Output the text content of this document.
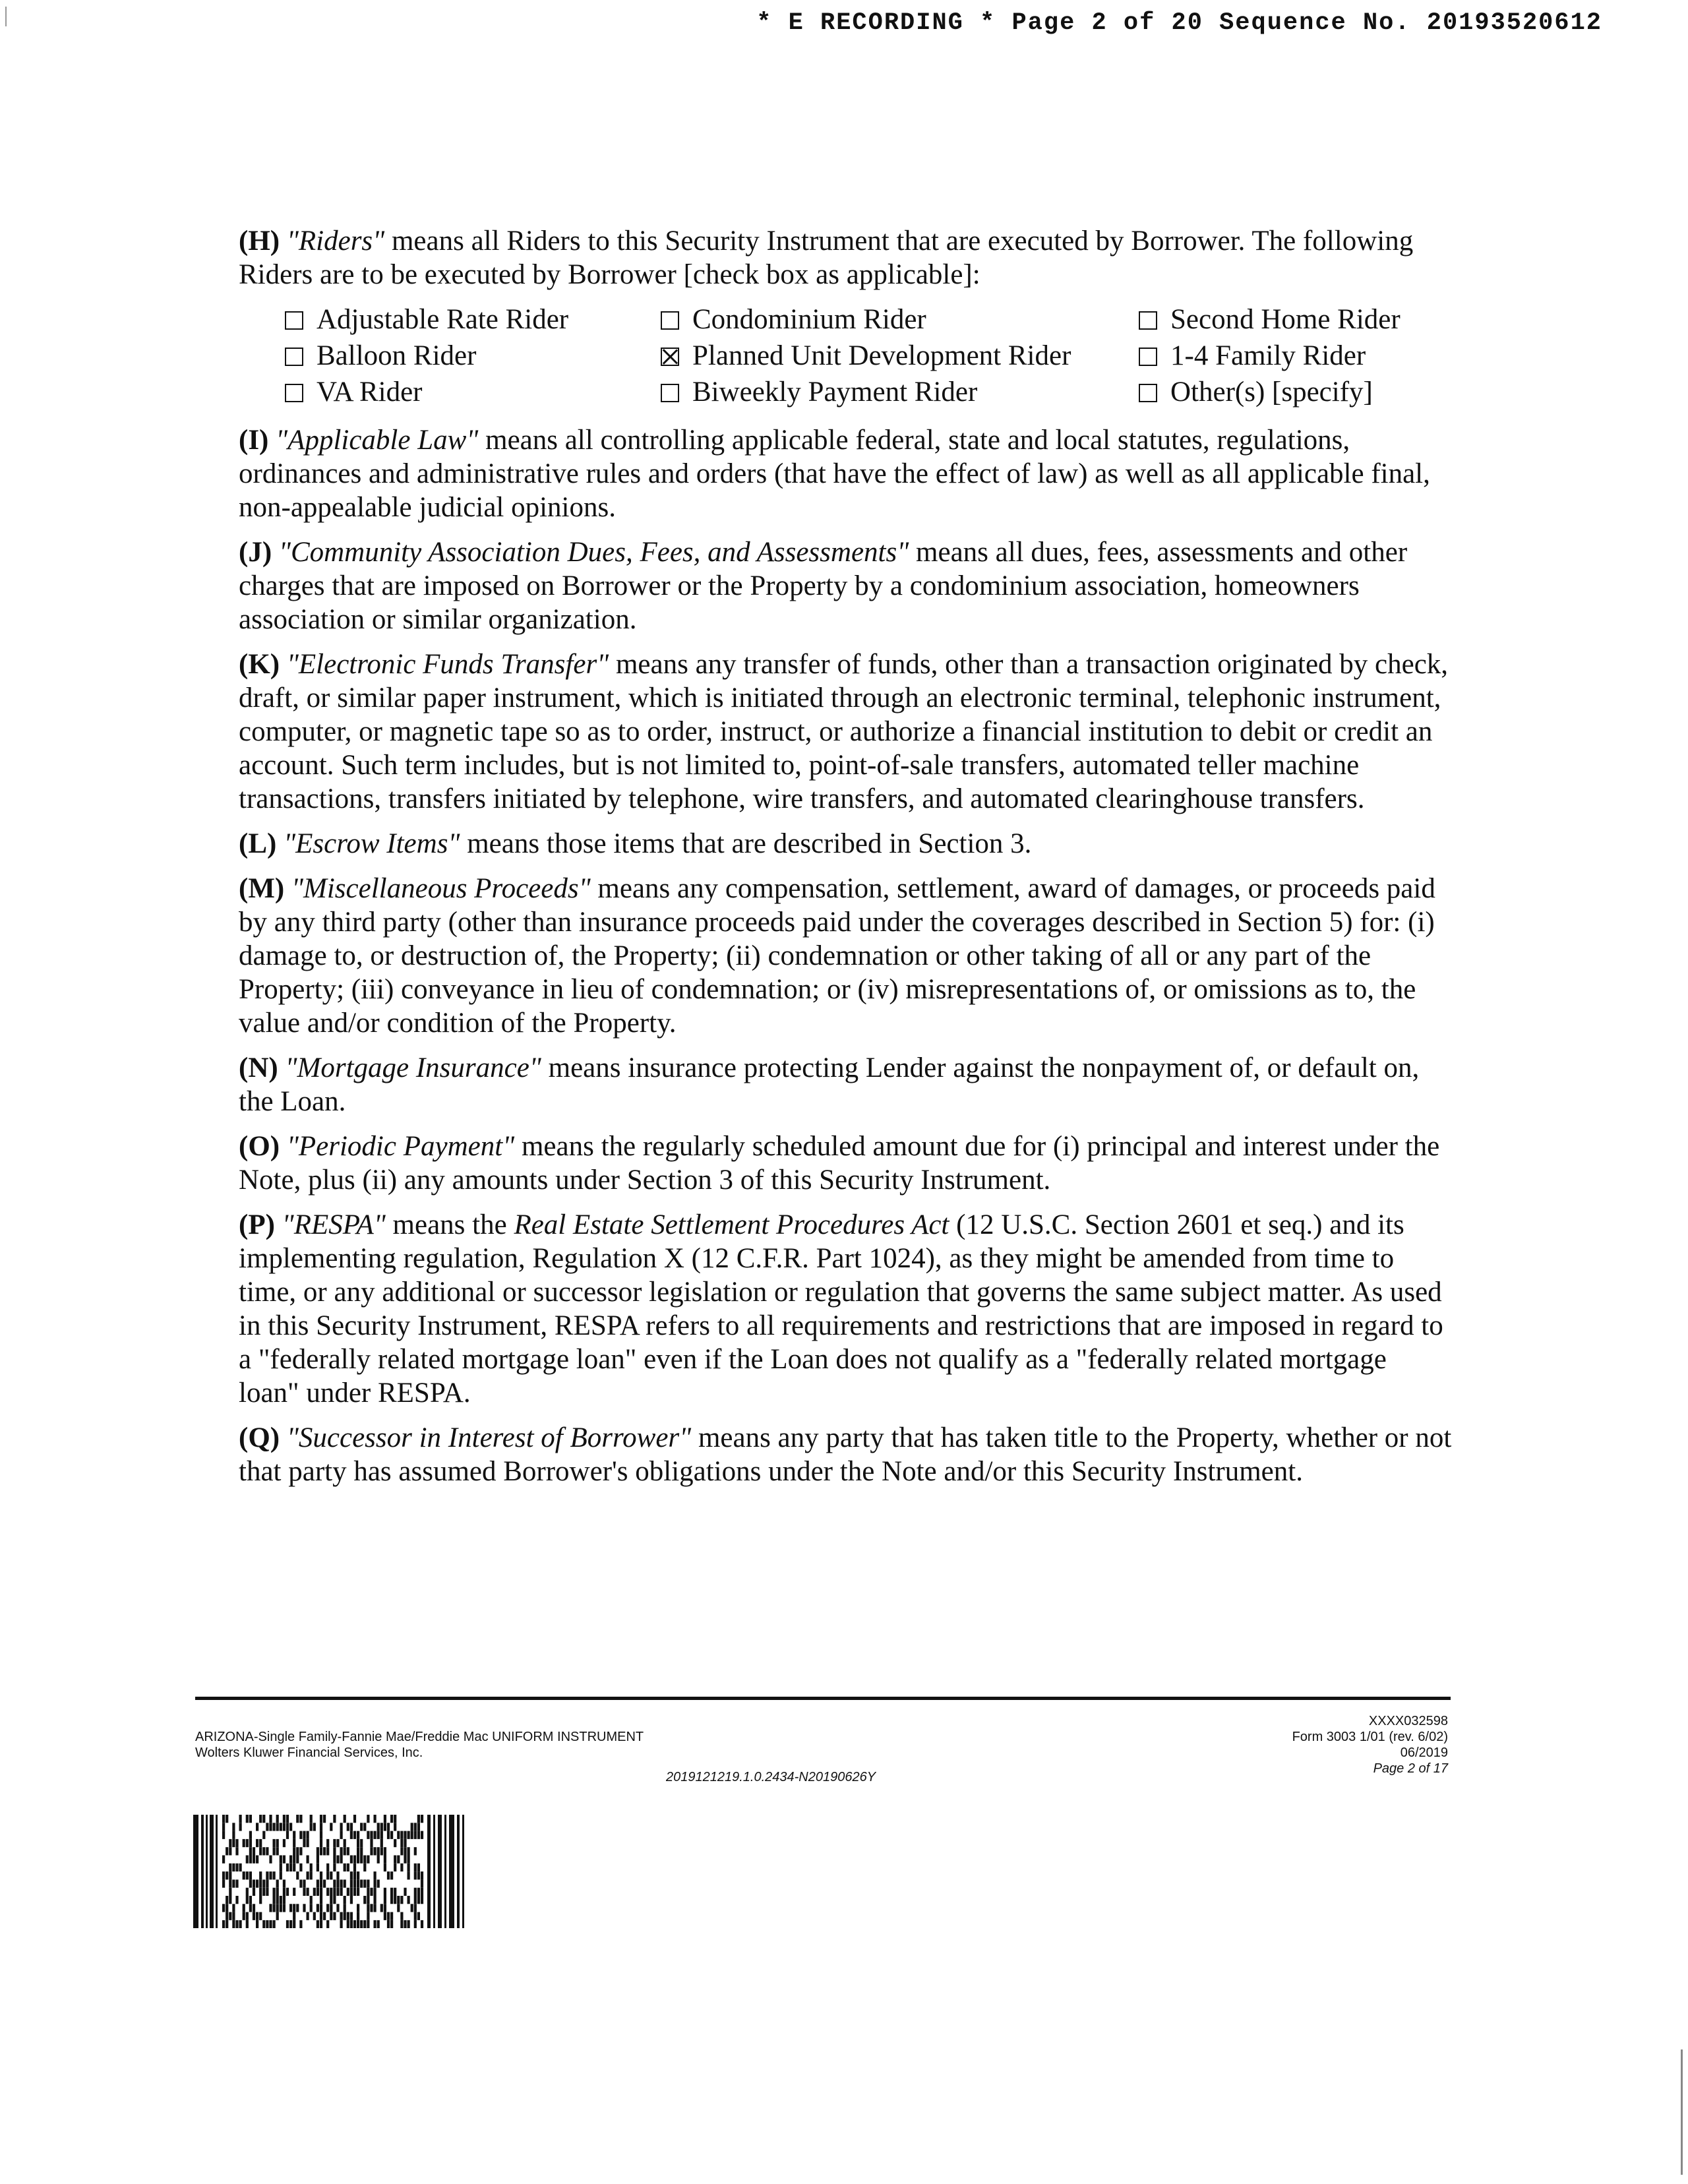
* E RECORDING * Page 2 of 20 Sequence No. 20193520612

(H) "Riders" means all Riders to this Security Instrument that are executed by Borrower. The following Riders are to be executed by Borrower [check box as applicable]:

Adjustable Rate Rider	Condominium Rider	Second Home Rider
Balloon Rider	Planned Unit Development Rider	1-4 Family Rider
VA Rider	Biweekly Payment Rider	Other(s) [specify]

(I) "Applicable Law" means all controlling applicable federal, state and local statutes, regulations, ordinances and administrative rules and orders (that have the effect of law) as well as all applicable final, non-appealable judicial opinions.

(J) "Community Association Dues, Fees, and Assessments" means all dues, fees, assessments and other charges that are imposed on Borrower or the Property by a condominium association, homeowners association or similar organization.

(K) "Electronic Funds Transfer" means any transfer of funds, other than a transaction originated by check, draft, or similar paper instrument, which is initiated through an electronic terminal, telephonic instrument, computer, or magnetic tape so as to order, instruct, or authorize a financial institution to debit or credit an account. Such term includes, but is not limited to, point-of-sale transfers, automated teller machine transactions, transfers initiated by telephone, wire transfers, and automated clearinghouse transfers.

(L) "Escrow Items" means those items that are described in Section 3.

(M) "Miscellaneous Proceeds" means any compensation, settlement, award of damages, or proceeds paid by any third party (other than insurance proceeds paid under the coverages described in Section 5) for: (i) damage to, or destruction of, the Property; (ii) condemnation or other taking of all or any part of the Property; (iii) conveyance in lieu of condemnation; or (iv) misrepresentations of, or omissions as to, the value and/or condition of the Property.

(N) "Mortgage Insurance" means insurance protecting Lender against the nonpayment of, or default on, the Loan.

(O) "Periodic Payment" means the regularly scheduled amount due for (i) principal and interest under the Note, plus (ii) any amounts under Section 3 of this Security Instrument.

(P) "RESPA" means the Real Estate Settlement Procedures Act (12 U.S.C. Section 2601 et seq.) and its implementing regulation, Regulation X (12 C.F.R. Part 1024), as they might be amended from time to time, or any additional or successor legislation or regulation that governs the same subject matter. As used in this Security Instrument, RESPA refers to all requirements and restrictions that are imposed in regard to a "federally related mortgage loan" even if the Loan does not qualify as a "federally related mortgage loan" under RESPA.

(Q) "Successor in Interest of Borrower" means any party that has taken title to the Property, whether or not that party has assumed Borrower's obligations under the Note and/or this Security Instrument.

ARIZONA-Single Family-Fannie Mae/Freddie Mac UNIFORM INSTRUMENT
Wolters Kluwer Financial Services, Inc.
2019121219.1.0.2434-N20190626Y
XXXX032598
Form 3003 1/01 (rev. 6/02)
06/2019
Page 2 of 17
